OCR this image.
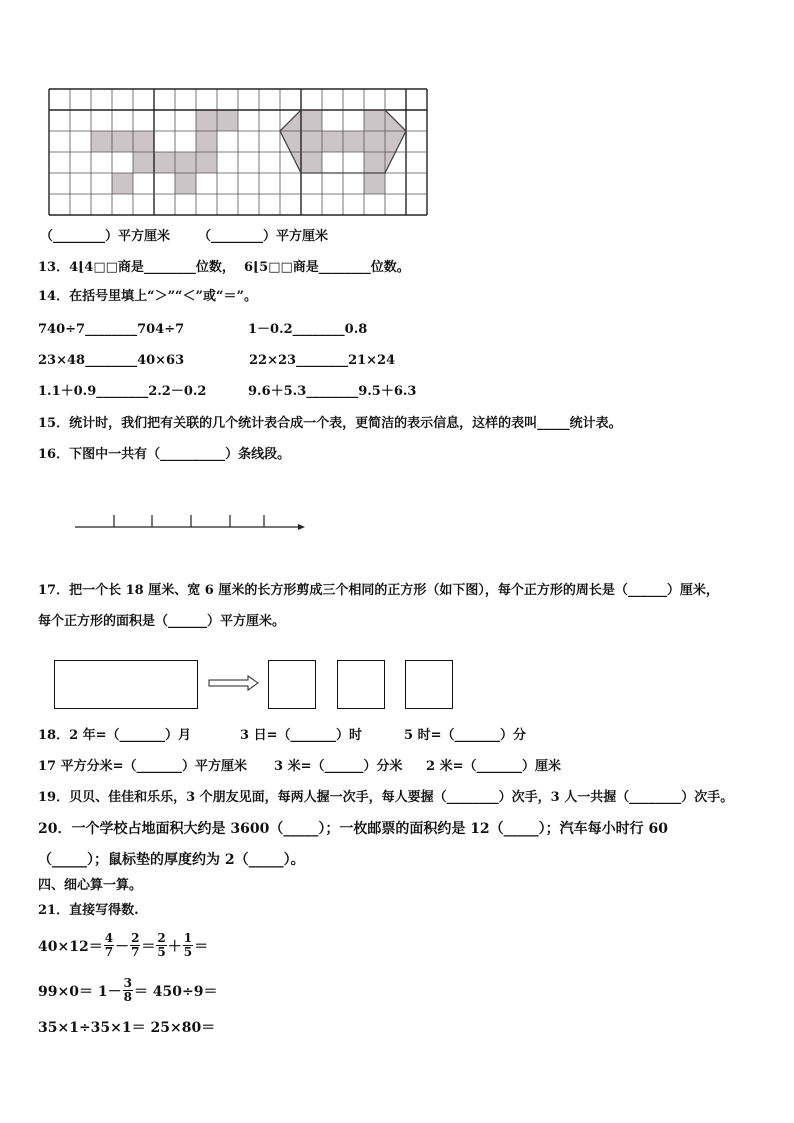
（________）平方厘米 （________）平方厘米
13．4⌊4□□商是________位数，  6⌊5□□商是________位数。
14．在括号里填上“＞”“＜”或“＝”。
740÷7________704÷7	1－0.2________0.8
23×48________40×63	22×23________21×24
1.1＋0.9________2.2－0.2	9.6＋5.3________9.5＋6.3
15．统计时，我们把有关联的几个统计表合成一个表，更简洁的表示信息，这样的表叫_____统计表。
16．下图中一共有（__________）条线段。
17．把一个长 18 厘米、宽 6 厘米的长方形剪成三个相同的正方形（如下图），每个正方形的周长是（______）厘米，
每个正方形的面积是（______）平方厘米。
18．2 年=（_______）月	3 日=（_______）时	5 时=（_______）分
17 平方分米=（_______）平方厘米 3 米=（______）分米 2 米=（_______）厘米
19．贝贝、佳佳和乐乐，3 个朋友见面，每两人握一次手，每人要握（________）次手，3 人一共握（________）次手。
20．一个学校占地面积大约是 3600（_____）；一枚邮票的面积约是 12（_____）；汽车每小时行 60
（_____）；鼠标垫的厚度约为 2（_____）。
四、细心算一算。
21．直接写得数.
$40\times 12= \frac{4}{7} - \frac{2}{7} = \frac{2}{5} + \frac{1}{5}$ ＝
$99\times 0= 1- \frac{3}{8} = 450\div 9=$
35×1÷35×1＝ 25×80＝
